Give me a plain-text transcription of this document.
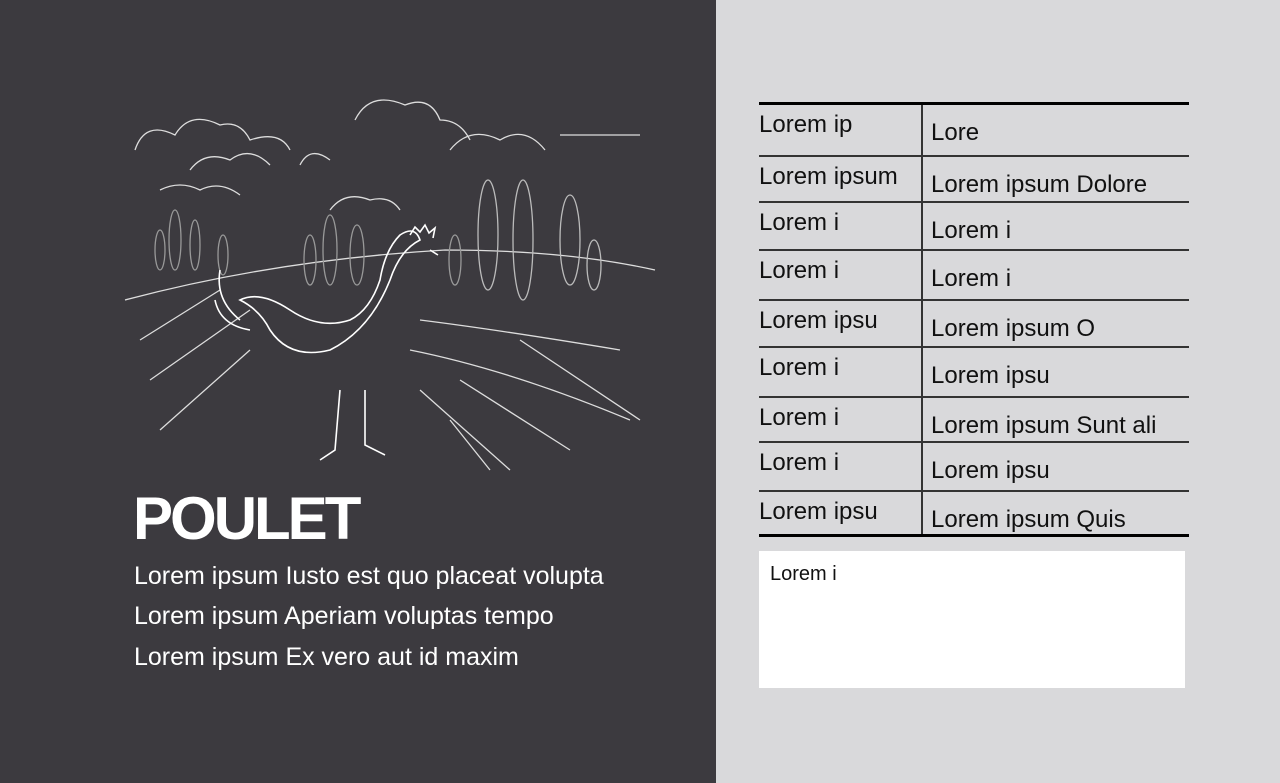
POULET
Lorem ipsum Iusto est quo placeat volupta
Lorem ipsum Aperiam voluptas tempo
Lorem ipsum Ex vero aut id maxim
Lorem ip	Lore
Lorem ipsum	Lorem ipsum Dolore
Lorem i	Lorem i
Lorem i	Lorem i
Lorem ipsu	Lorem ipsum O
Lorem i	Lorem ipsu
Lorem i	Lorem ipsum Sunt ali
Lorem i	Lorem ipsu
Lorem ipsu	Lorem ipsum Quis
Lorem i
